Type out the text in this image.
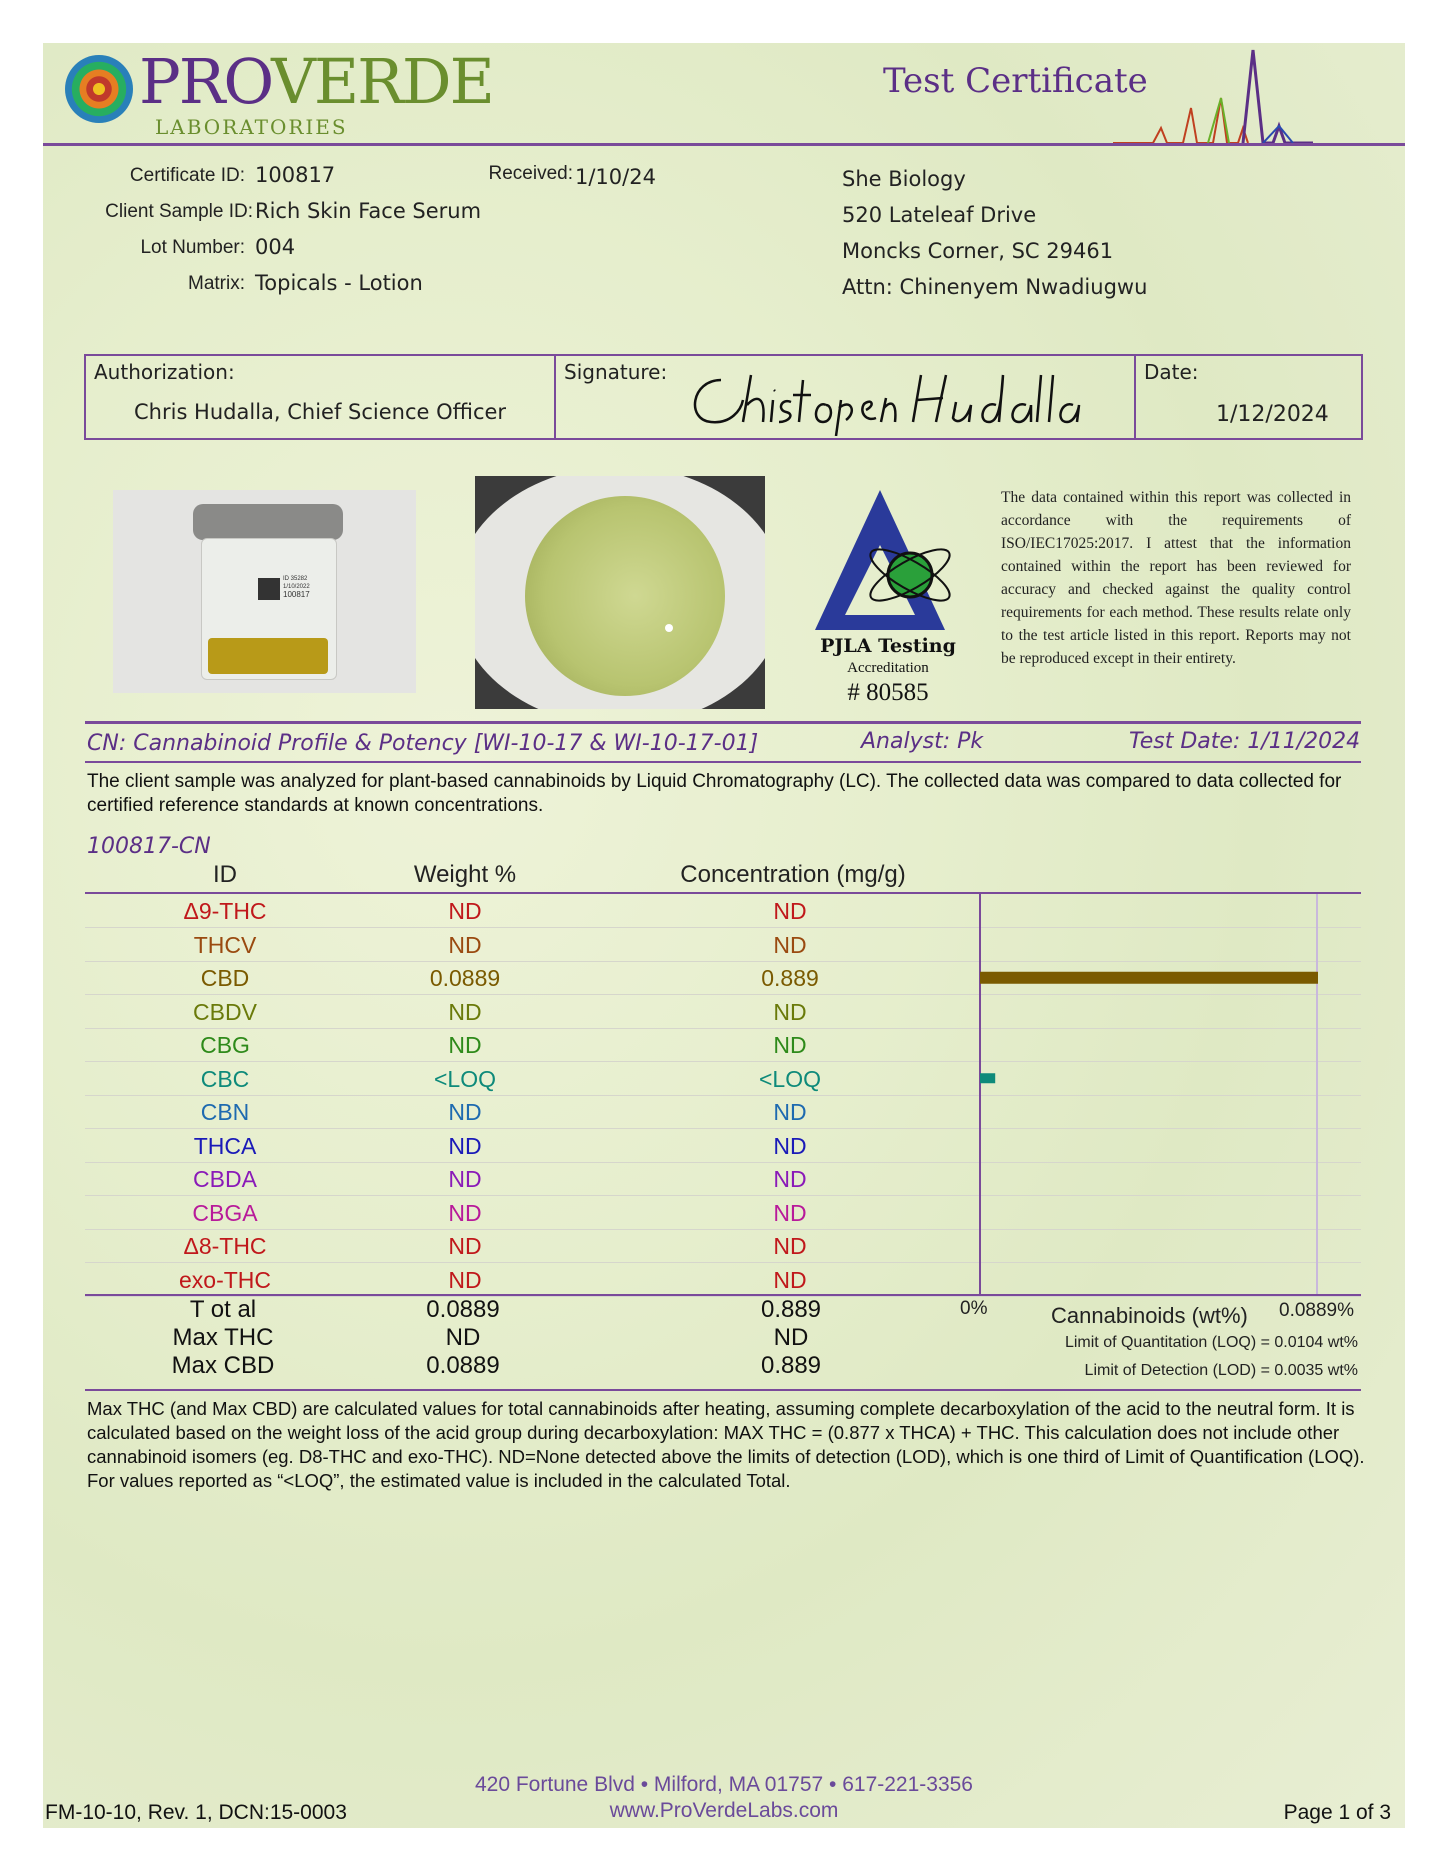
PROVERDE
LABORATORIES
Test Certificate
Certificate ID: 100817	Received: 1/10/24
Client Sample ID: Rich Skin Face Serum
Lot Number: 004
Matrix: Topicals - Lotion
She Biology
520 Lateleaf Drive
Moncks Corner, SC 29461
Attn: Chinenyem Nwadiugwu
Authorization:
Chris Hudalla, Chief Science Officer
Signature:	Date:
1/12/2024
ID 35282
1/10/2022
100817
PJLA Testing
Accreditation
# 80585
The data contained within this report was collected in accordance with the requirements of ISO/IEC17025:2017. I attest that the information contained within the report has been reviewed for accuracy and checked against the quality control requirements for each method. These results relate only to the test article listed in this report. Reports may not be reproduced except in their entirety.
CN: Cannabinoid Profile & Potency [WI-10-17 & WI-10-17-01]	Analyst: Pk	Test Date: 1/11/2024
The client sample was analyzed for plant-based cannabinoids by Liquid Chromatography (LC). The collected data was compared to data collected for certified reference standards at known concentrations.
100817-CN
ID	Weight %	Concentration (mg/g)
Δ9-THC	ND	ND
THCV	ND	ND
CBD	0.0889	0.889
CBDV	ND	ND
CBG	ND	ND
CBC	<LOQ	<LOQ
CBN	ND	ND
THCA	ND	ND
CBDA	ND	ND
CBGA	ND	ND
Δ8-THC	ND	ND
exo-THC	ND	ND
0%	Cannabinoids (wt%) 0.0889%
Limit of Quantitation (LOQ) = 0.0104 wt%
Limit of Detection (LOD) = 0.0035 wt%
T ot al	0.0889	0.889
Max THC	ND	ND
Max CBD	0.0889	0.889
Max THC (and Max CBD) are calculated values for total cannabinoids after heating, assuming complete decarboxylation of the acid to the neutral form. It is calculated based on the weight loss of the acid group during decarboxylation: MAX THC = (0.877 x THCA) + THC. This calculation does not include other cannabinoid isomers (eg. D8-THC and exo-THC). ND=None detected above the limits of detection (LOD), which is one third of Limit of Quantification (LOQ). For values reported as “<LOQ”, the estimated value is included in the calculated Total.
420 Fortune Blvd • Milford, MA 01757 • 617-221-3356
www.ProVerdeLabs.com
FM-10-10, Rev. 1, DCN:15-0003	Page 1 of 3
